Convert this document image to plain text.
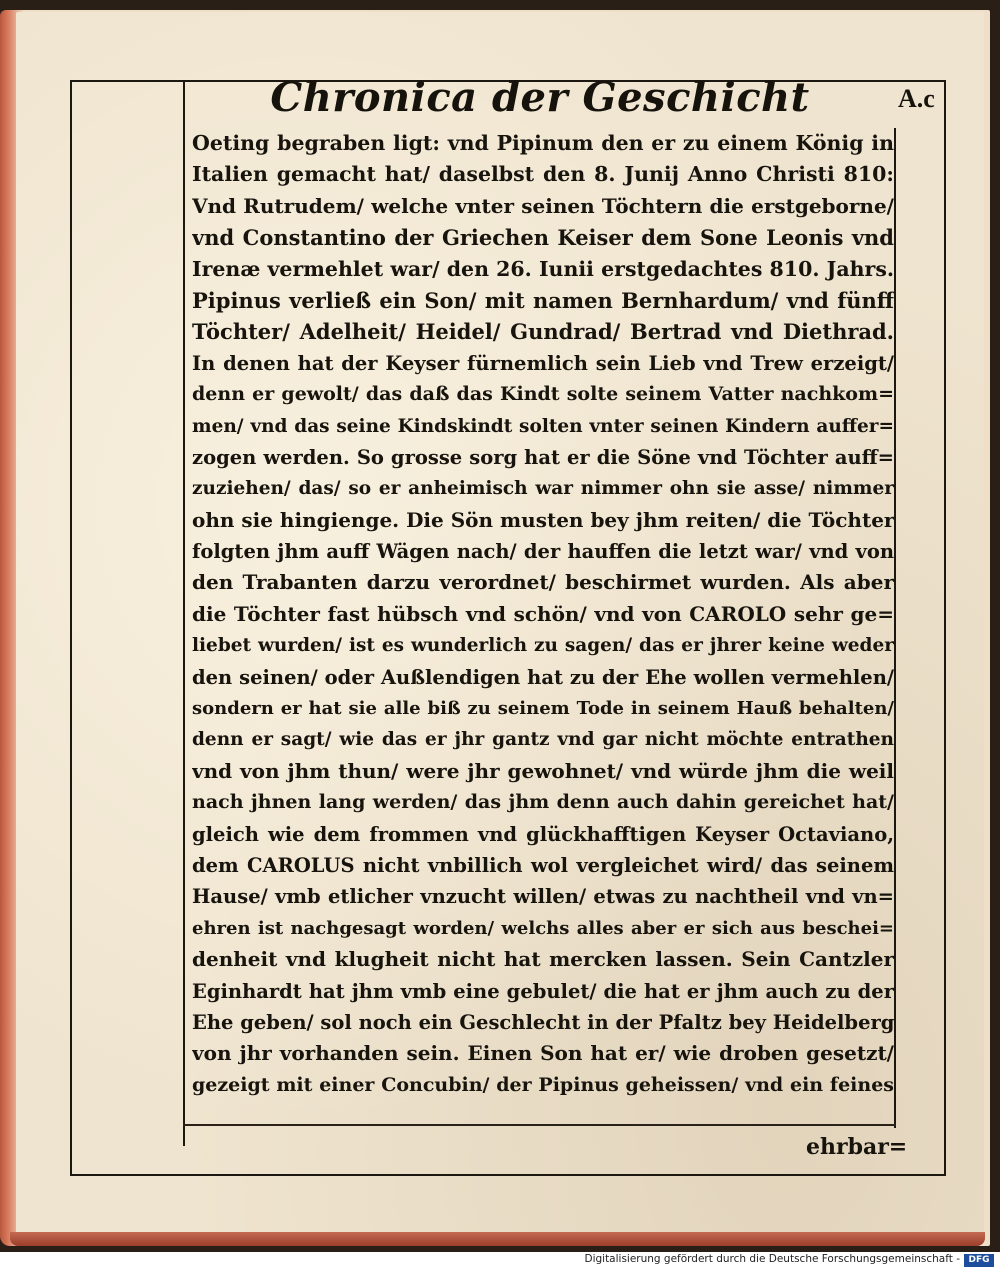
Chronica der Geschicht	A.c
Oeting begraben ligt: vnd Pipinum den er zu einem König in
Italien gemacht hat/ daselbst den 8. Junij Anno Christi 810:
Vnd Rutrudem/ welche vnter seinen Töchtern die erstgeborne/
vnd Constantino der Griechen Keiser dem Sone Leonis vnd
Irenæ vermehlet war/ den 26. Iunii erstgedachtes 810. Jahrs.
Pipinus verließ ein Son/ mit namen Bernhardum/ vnd fünff
Töchter/ Adelheit/ Heidel/ Gundrad/ Bertrad vnd Diethrad.
In denen hat der Keyser fürnemlich sein Lieb vnd Trew erzeigt/
denn er gewolt/ das daß das Kindt solte seinem Vatter nachkom=
men/ vnd das seine Kindskindt solten vnter seinen Kindern auffer=
zogen werden. So grosse sorg hat er die Söne vnd Töchter auff=
zuziehen/ das/ so er anheimisch war nimmer ohn sie asse/ nimmer
ohn sie hingienge. Die Sön musten bey jhm reiten/ die Töchter
folgten jhm auff Wägen nach/ der hauffen die letzt war/ vnd von
den Trabanten darzu verordnet/ beschirmet wurden. Als aber
die Töchter fast hübsch vnd schön/ vnd von CAROLO sehr ge=
liebet wurden/ ist es wunderlich zu sagen/ das er jhrer keine weder
den seinen/ oder Außlendigen hat zu der Ehe wollen vermehlen/
sondern er hat sie alle biß zu seinem Tode in seinem Hauß behalten/
denn er sagt/ wie das er jhr gantz vnd gar nicht möchte entrathen
vnd von jhm thun/ were jhr gewohnet/ vnd würde jhm die weil
nach jhnen lang werden/ das jhm denn auch dahin gereichet hat/
gleich wie dem frommen vnd glückhafftigen Keyser Octaviano,
dem CAROLUS nicht vnbillich wol vergleichet wird/ das seinem
Hause/ vmb etlicher vnzucht willen/ etwas zu nachtheil vnd vn=
ehren ist nachgesagt worden/ welchs alles aber er sich aus beschei=
denheit vnd klugheit nicht hat mercken lassen. Sein Cantzler
Eginhardt hat jhm vmb eine gebulet/ die hat er jhm auch zu der
Ehe geben/ sol noch ein Geschlecht in der Pfaltz bey Heidelberg
von jhr vorhanden sein. Einen Son hat er/ wie droben gesetzt/
gezeigt mit einer Concubin/ der Pipinus geheissen/ vnd ein feines
ehrbar=
Digitalisierung gefördert durch die Deutsche Forschungsgemeinschaft - DFG
